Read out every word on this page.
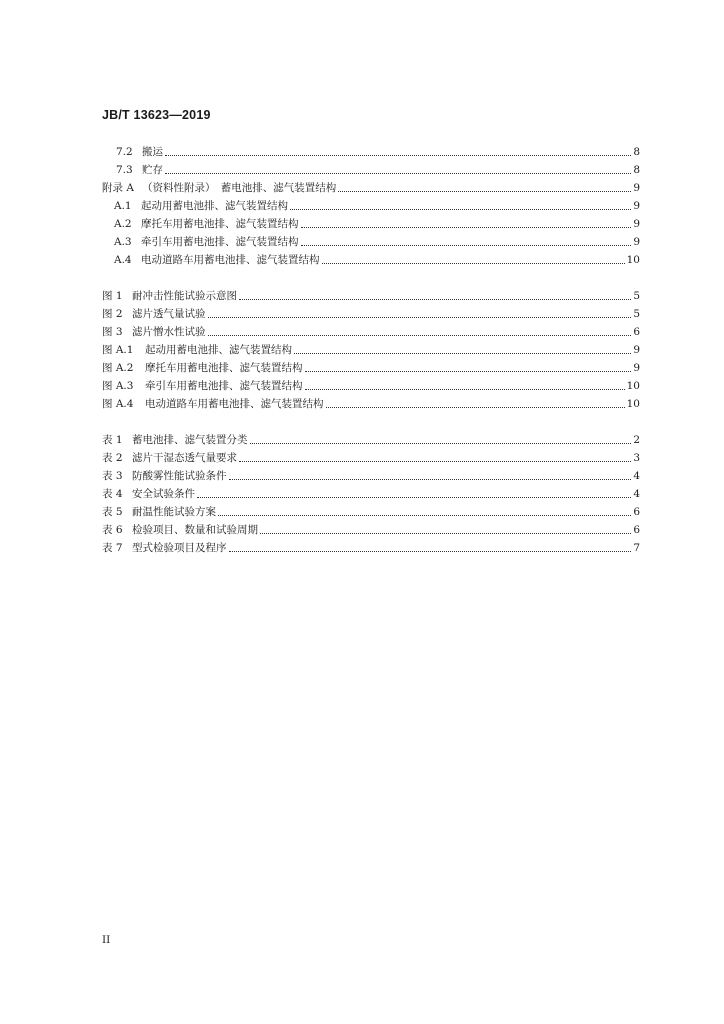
JB/T 13623—2019
7.2 搬运	8
7.3 贮存	8
附录 A （资料性附录）　蓄电池排、滤气装置结构	9
A.1 起动用蓄电池排、滤气装置结构	9
A.2 摩托车用蓄电池排、滤气装置结构	9
A.3 牵引车用蓄电池排、滤气装置结构	9
A.4 电动道路车用蓄电池排、滤气装置结构	10
图 1 耐冲击性能试验示意图	5
图 2 滤片透气量试验	5
图 3 滤片憎水性试验	6
图 A.1	起动用蓄电池排、滤气装置结构	9
图 A.2	摩托车用蓄电池排、滤气装置结构	9
图 A.3	牵引车用蓄电池排、滤气装置结构	10
图 A.4	电动道路车用蓄电池排、滤气装置结构	10
表 1 蓄电池排、滤气装置分类	2
表 2 滤片干湿态透气量要求	3
表 3 防酸雾性能试验条件	4
表 4 安全试验条件	4
表 5 耐温性能试验方案	6
表 6 检验项目、数量和试验周期	6
表 7 型式检验项目及程序	7
II
